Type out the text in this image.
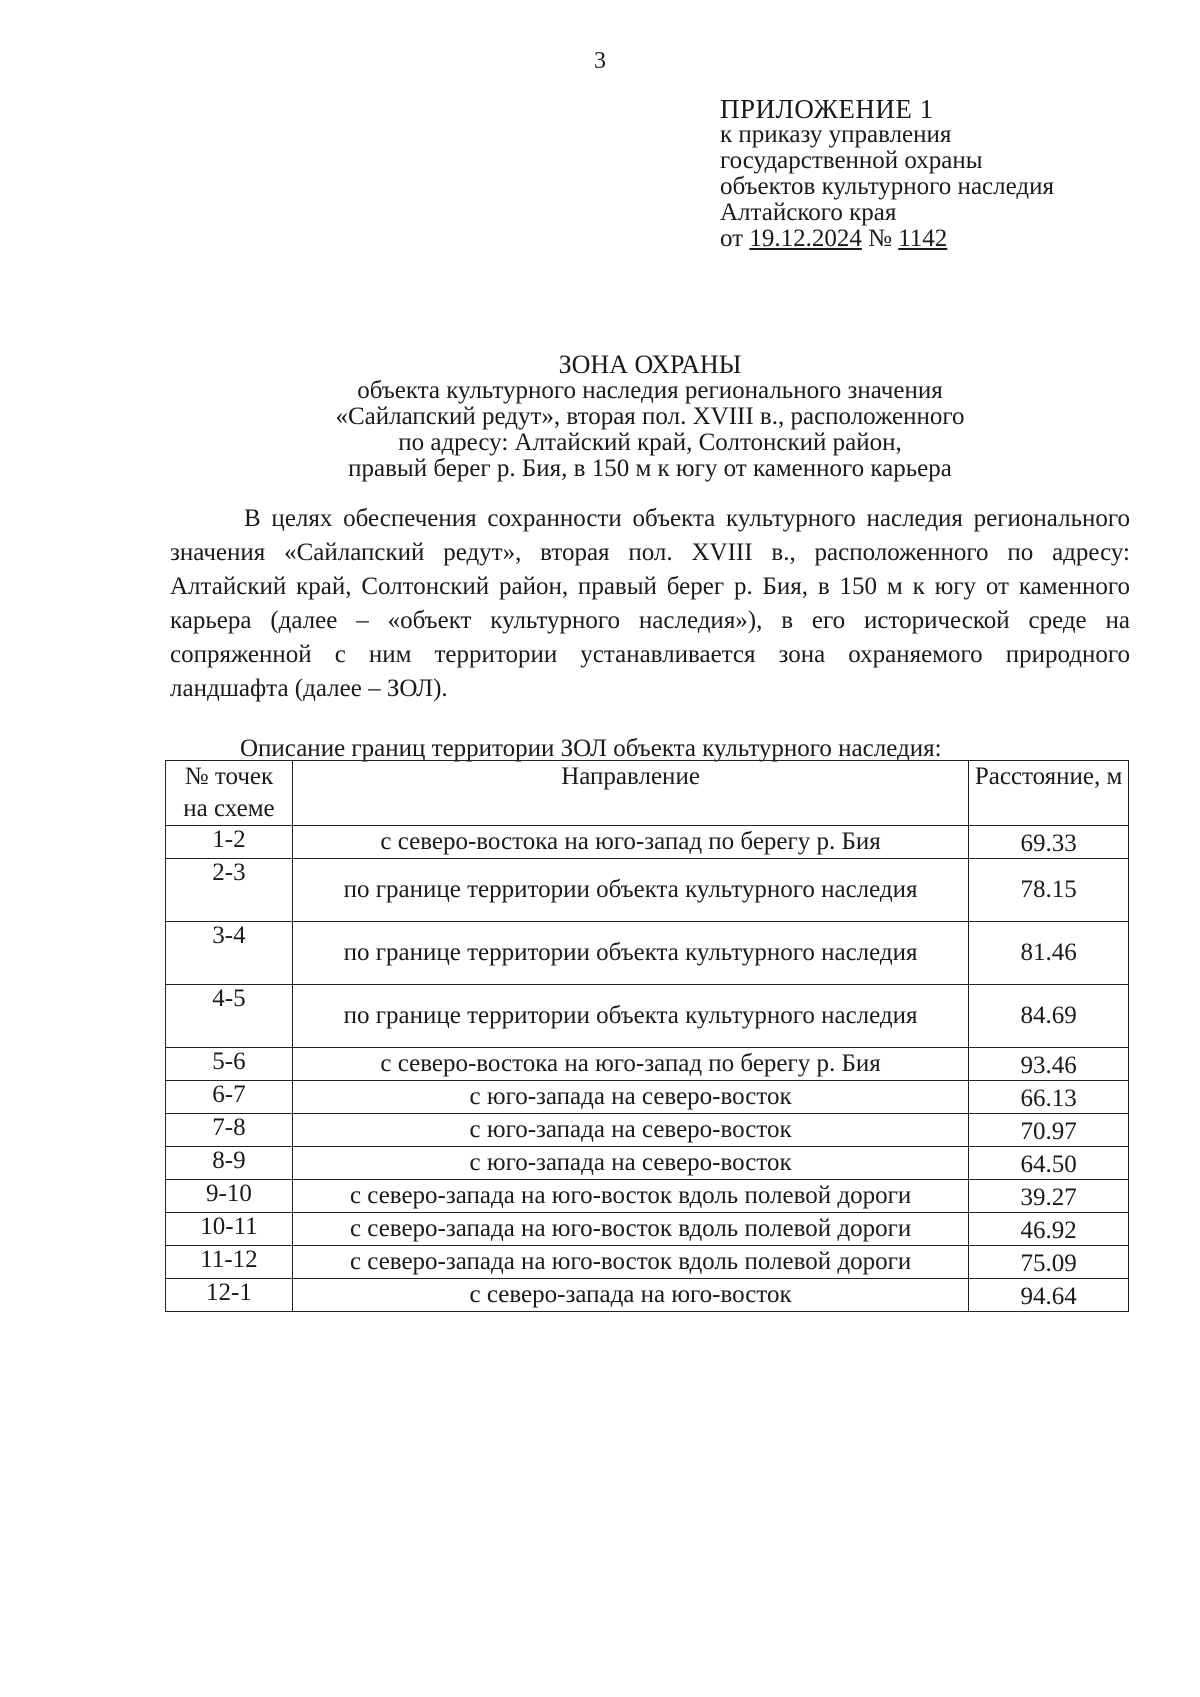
3
ПРИЛОЖЕНИЕ 1
к приказу управления
государственной охраны
объектов культурного наследия
Алтайского края
от 19.12.2024 № 1142
ЗОНА ОХРАНЫ
объекта культурного наследия регионального значения
«Сайлапский редут», вторая пол. XVIII в., расположенного
по адресу: Алтайский край, Солтонский район,
правый берег р. Бия, в 150 м к югу от каменного карьера

В целях обеспечения сохранности объекта культурного наследия регионального значения «Сайлапский редут», вторая пол. XVIII в., расположенного по адресу: Алтайский край, Солтонский район, правый берег р. Бия, в 150 м к югу от каменного карьера (далее – «объект культурного наследия»), в его исторической среде на сопряженной с ним территории устанавливается зона охраняемого природного ландшафта (далее – ЗОЛ).

Описание границ территории ЗОЛ объекта культурного наследия:
№ точек на схеме	Направление	Расстояние, м
1-2	с северо-востока на юго-запад по берегу р. Бия	69.33
2-3	по границе территории объекта культурного наследия	78.15
3-4	по границе территории объекта культурного наследия	81.46
4-5	по границе территории объекта культурного наследия	84.69
5-6	с северо-востока на юго-запад по берегу р. Бия	93.46
6-7	с юго-запада на северо-восток	66.13
7-8	с юго-запада на северо-восток	70.97
8-9	с юго-запада на северо-восток	64.50
9-10	с северо-запада на юго-восток вдоль полевой дороги	39.27
10-11	с северо-запада на юго-восток вдоль полевой дороги	46.92
11-12	с северо-запада на юго-восток вдоль полевой дороги	75.09
12-1	с северо-запада на юго-восток	94.64
